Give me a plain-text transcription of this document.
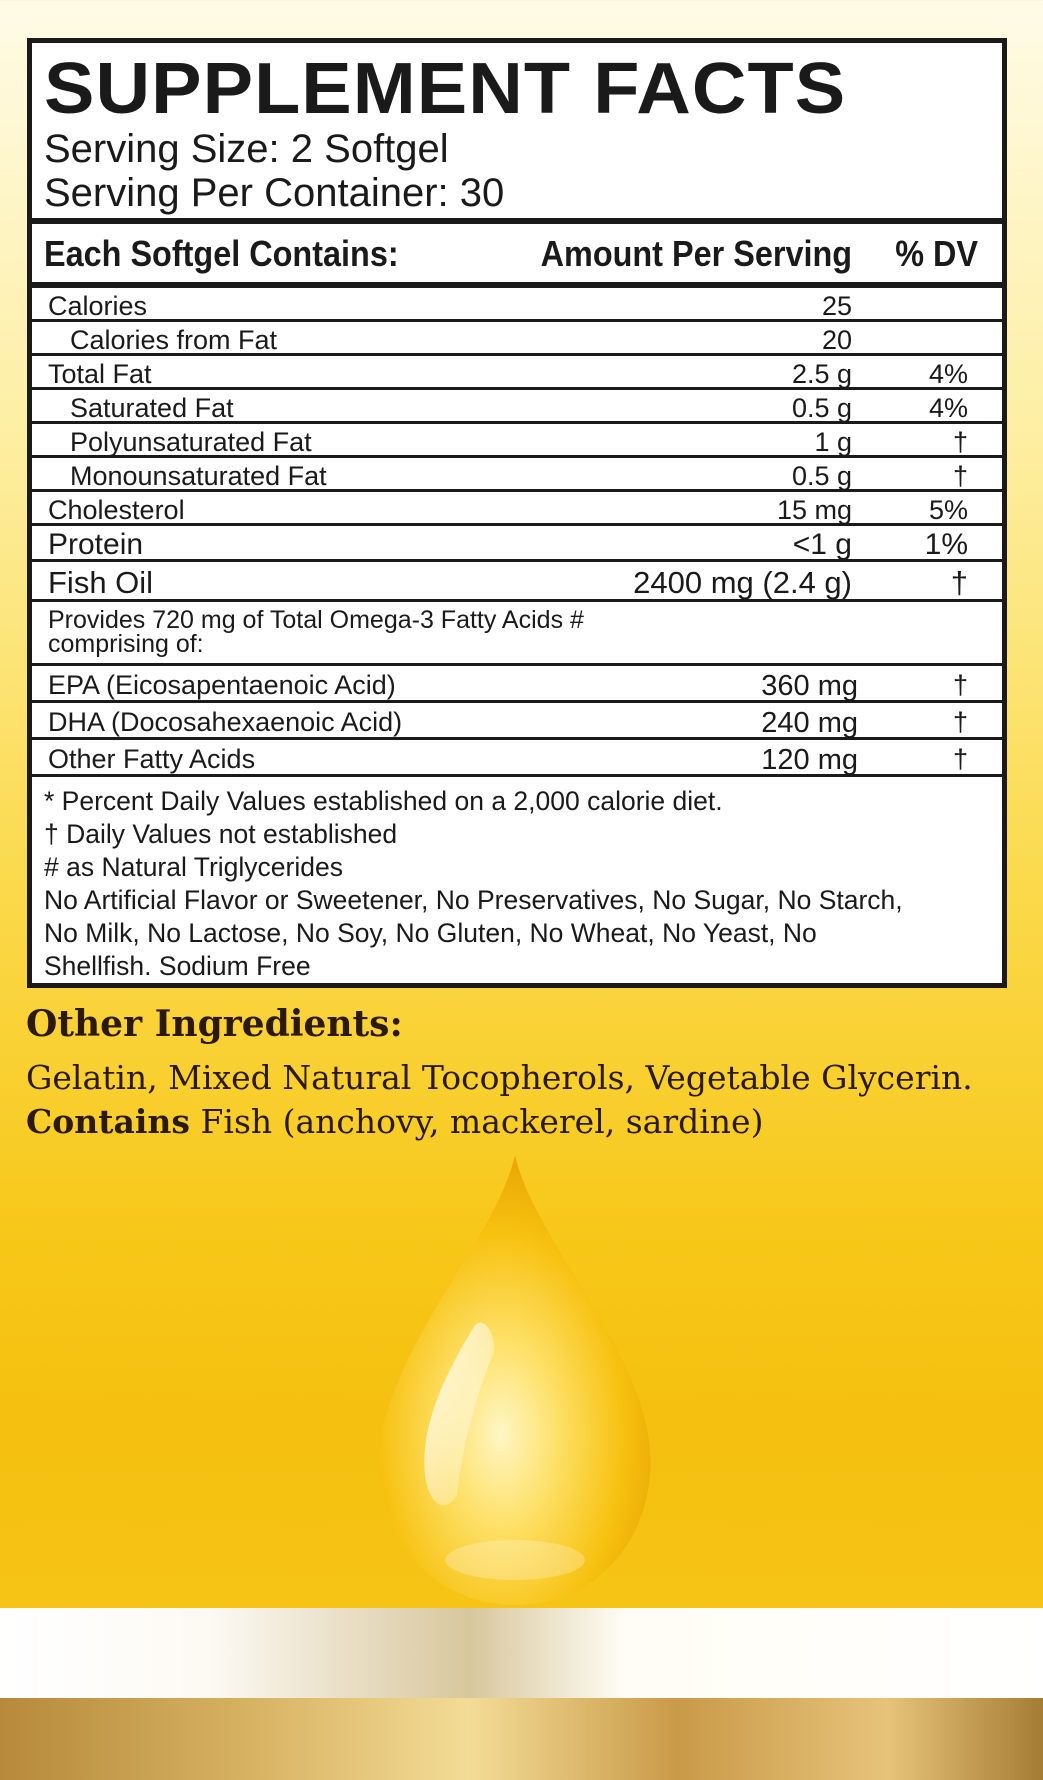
SUPPLEMENT FACTS
Serving Size: 2 Softgel
Serving Per Container: 30
Each Softgel Contains:	Amount Per Serving % DV
Calories	25
Calories from Fat	20
Total Fat	2.5 g	4%
Saturated Fat	0.5 g	4%
Polyunsaturated Fat	1 g	†
Monounsaturated Fat	0.5 g	†
Cholesterol	15 mg	5%
Protein	<1 g 1%
Fish Oil	2400 mg (2.4 g)	†
Provides 720 mg of Total Omega-3 Fatty Acids #
comprising of:
EPA (Eicosapentaenoic Acid)	360 mg	†
DHA (Docosahexaenoic Acid)	240 mg	†
Other Fatty Acids	120 mg	†
* Percent Daily Values established on a 2,000 calorie diet.
† Daily Values not established
# as Natural Triglycerides
No Artificial Flavor or Sweetener, No Preservatives, No Sugar, No Starch,
No Milk, No Lactose, No Soy, No Gluten, No Wheat, No Yeast, No
Shellfish. Sodium Free
Other Ingredients:
Gelatin, Mixed Natural Tocopherols, Vegetable Glycerin.
Contains Fish (anchovy, mackerel, sardine)
